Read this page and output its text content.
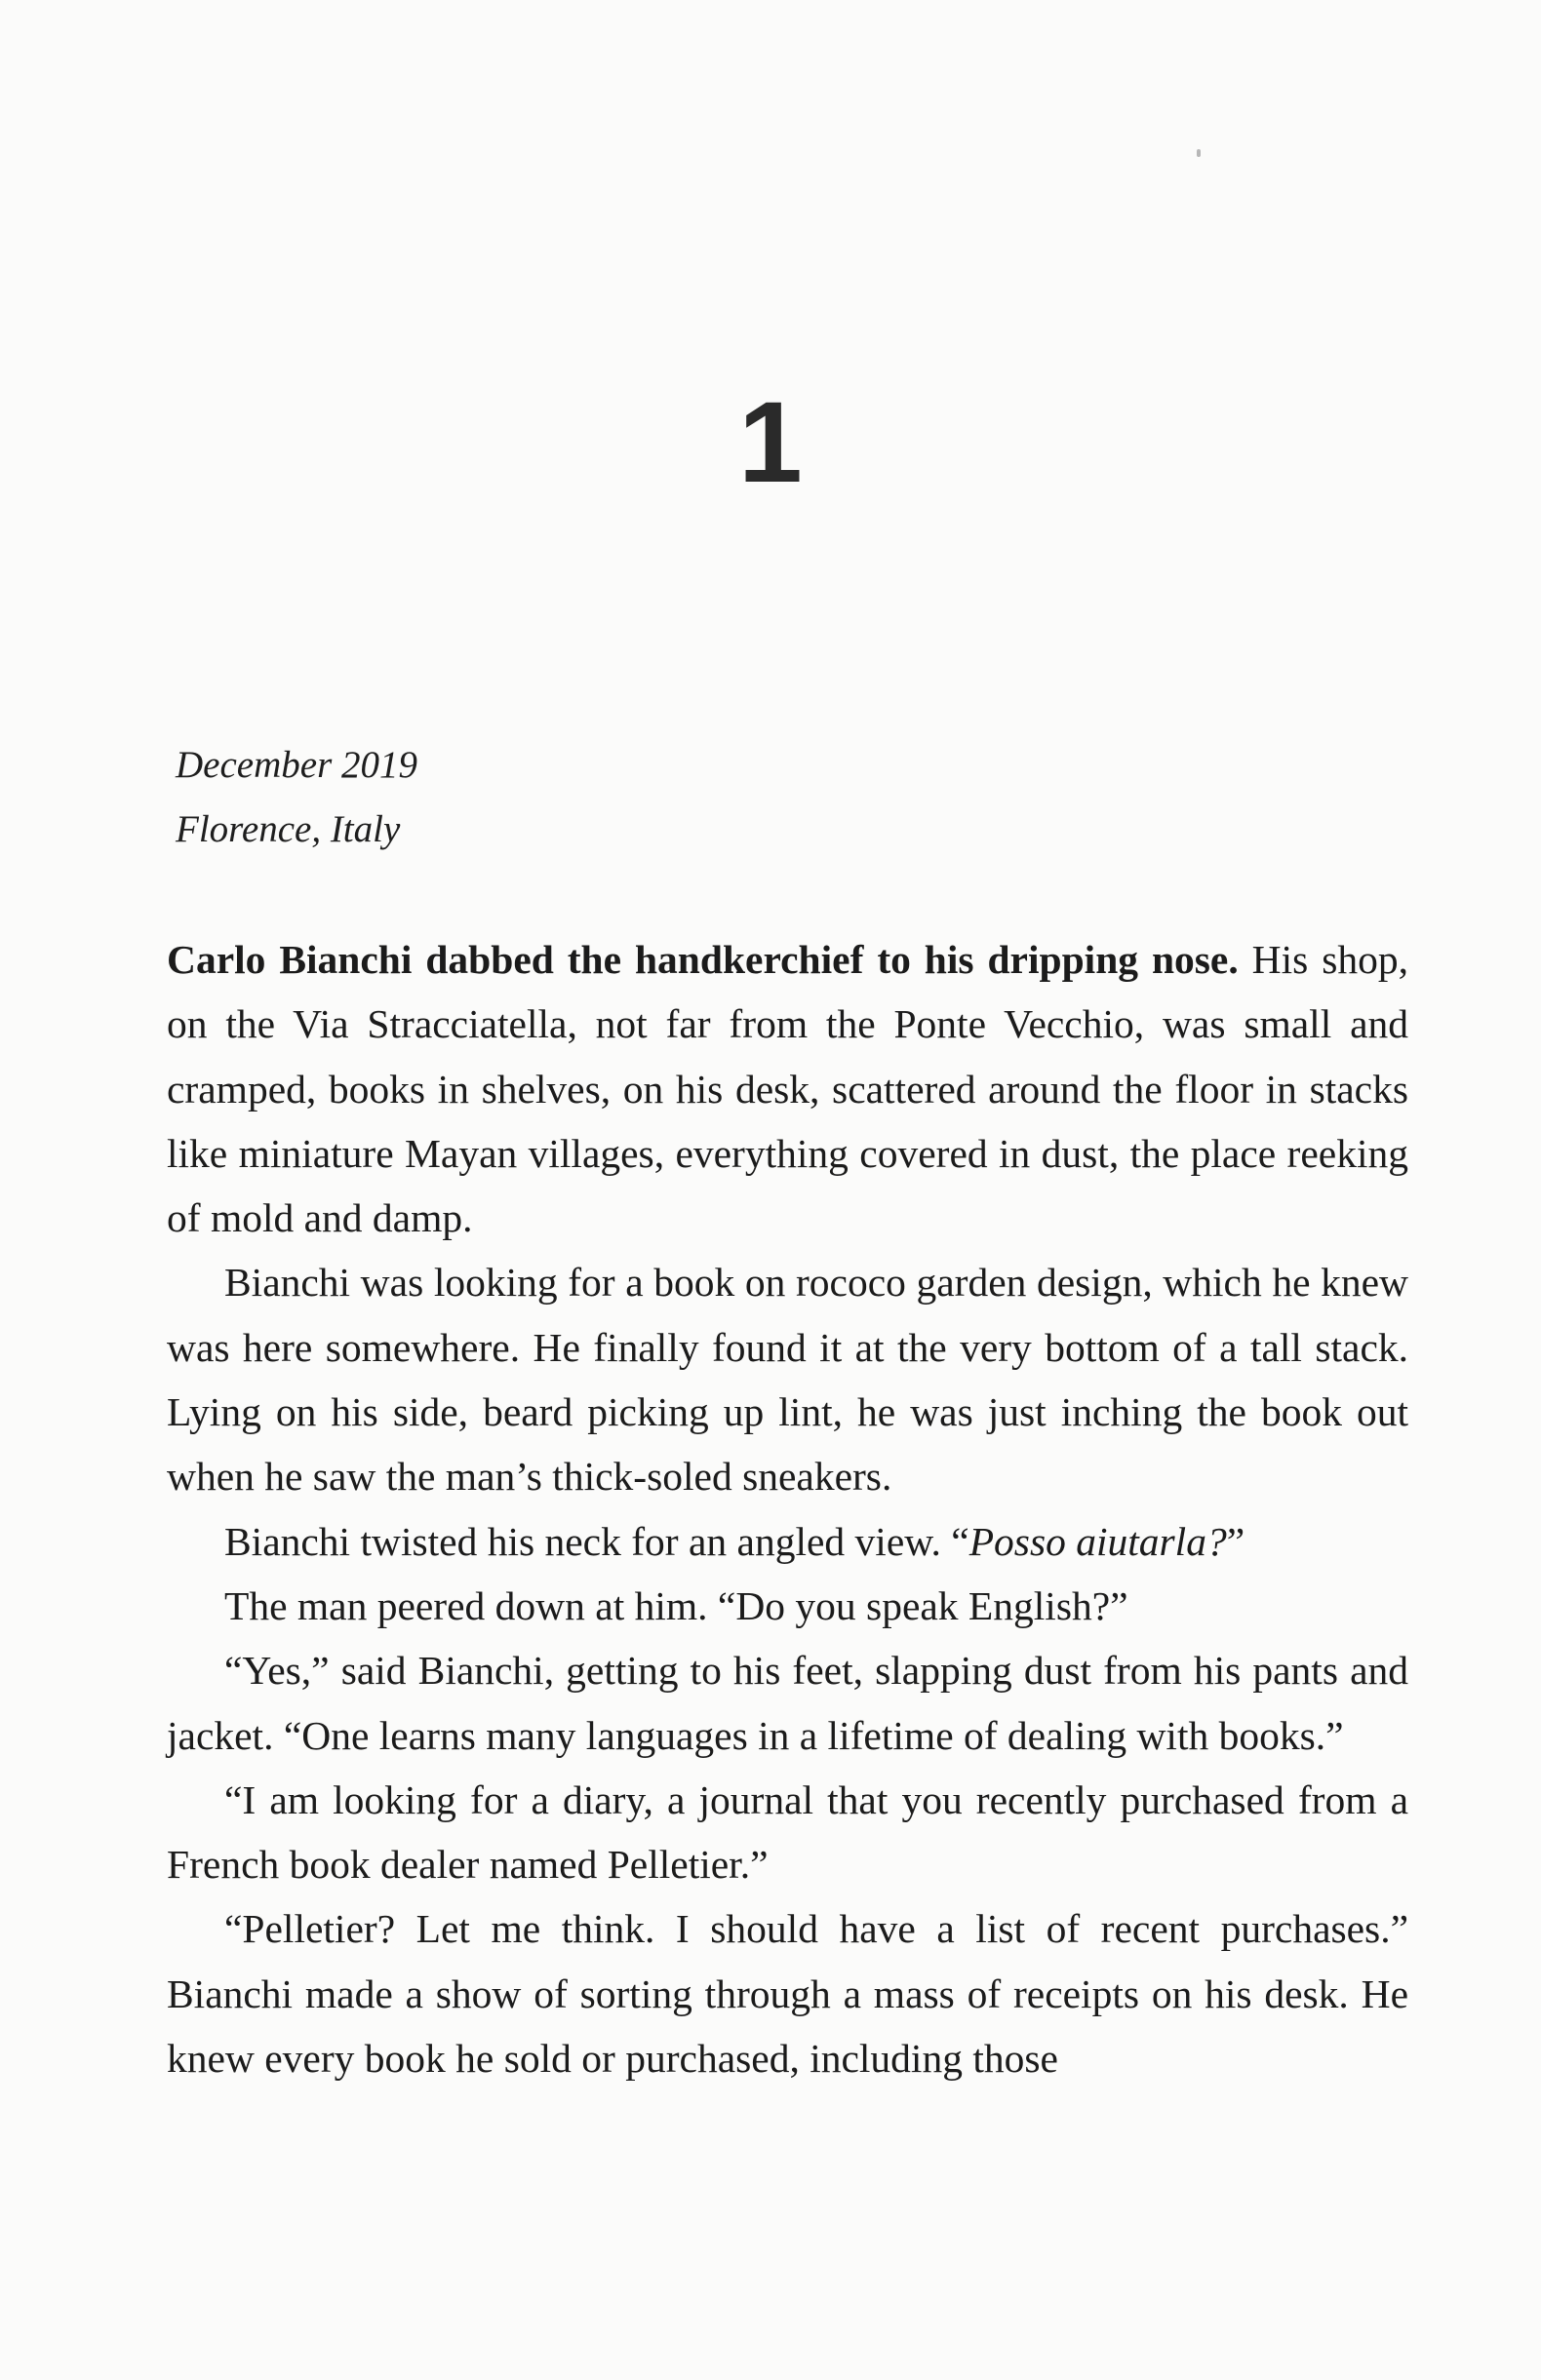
1
December 2019
Florence, Italy

Carlo Bianchi dabbed the handkerchief to his dripping nose. His shop, on the Via Stracciatella, not far from the Ponte Vecchio, was small and cramped, books in shelves, on his desk, scattered around the floor in stacks like miniature Mayan villages, everything covered in dust, the place reeking of mold and damp.

Bianchi was looking for a book on rococo garden design, which he knew was here somewhere. He finally found it at the very bottom of a tall stack. Lying on his side, beard picking up lint, he was just inching the book out when he saw the man’s thick-soled sneakers.

Bianchi twisted his neck for an angled view. “Posso aiutarla?”

The man peered down at him. “Do you speak English?”

“Yes,” said Bianchi, getting to his feet, slapping dust from his pants and jacket. “One learns many languages in a lifetime of dealing with books.”

“I am looking for a diary, a journal that you recently purchased from a French book dealer named Pelletier.”

“Pelletier? Let me think. I should have a list of recent purchases.” Bianchi made a show of sorting through a mass of receipts on his desk. He knew every book he sold or purchased, including those
